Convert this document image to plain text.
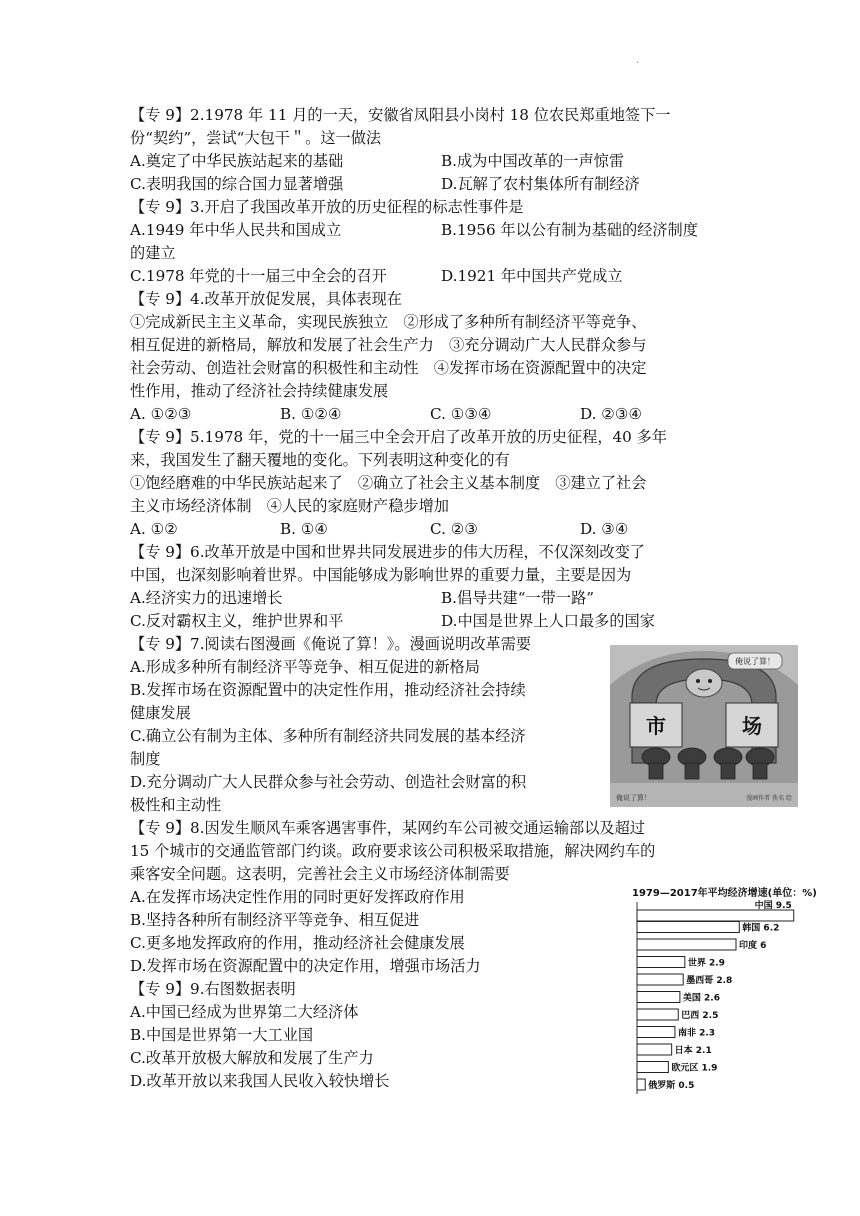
·
【专 9】2.1978 年 11 月的一天，安徽省凤阳县小岗村 18 位农民郑重地签下一
份“契约”，尝试“大包干＂。这一做法
A.奠定了中华民族站起来的基础	B.成为中国改革的一声惊雷
C.表明我国的综合国力显著增强	D.瓦解了农村集体所有制经济
【专 9】3.开启了我国改革开放的历史征程的标志性事件是
A.1949 年中华人民共和国成立	B.1956 年以公有制为基础的经济制度
的建立
C.1978 年党的十一届三中全会的召开	D.1921 年中国共产党成立
【专 9】4.改革开放促发展，具体表现在
①完成新民主主义革命，实现民族独立　②形成了多种所有制经济平等竞争、
相互促进的新格局，解放和发展了社会生产力　③充分调动广大人民群众参与
社会劳动、创造社会财富的积极性和主动性　④发挥市场在资源配置中的决定
性作用，推动了经济社会持续健康发展
A. ①②③	B. ①②④	C. ①③④	D. ②③④
【专 9】5.1978 年，党的十一届三中全会开启了改革开放的历史征程，40 多年
来，我国发生了翻天覆地的变化。下列表明这种变化的有
①饱经磨难的中华民族站起来了　②确立了社会主义基本制度　③建立了社会
主义市场经济体制　④人民的家庭财产稳步增加
A. ①②	B. ①④	C. ②③	D. ③④
【专 9】6.改革开放是中国和世界共同发展进步的伟大历程，不仅深刻改变了
中国，也深刻影响着世界。中国能够成为影响世界的重要力量，主要是因为
A.经济实力的迅速增长	B.倡导共建“一带一路”
C.反对霸权主义，维护世界和平	D.中国是世界上人口最多的国家
【专 9】7.阅读右图漫画《俺说了算！》。漫画说明改革需要
A.形成多种所有制经济平等竞争、相互促进的新格局
B.发挥市场在资源配置中的决定性作用，推动经济社会持续
健康发展
C.确立公有制为主体、多种所有制经济共同发展的基本经济
制度
D.充分调动广大人民群众参与社会劳动、创造社会财富的积
极性和主动性
【专 9】8.因发生顺风车乘客遇害事件，某网约车公司被交通运输部以及超过
15 个城市的交通监管部门约谈。政府要求该公司积极采取措施，解决网约车的
乘客安全问题。这表明，完善社会主义市场经济体制需要
A.在发挥市场决定性作用的同时更好发挥政府作用
B.坚持各种所有制经济平等竞争、相互促进
C.更多地发挥政府的作用，推动经济社会健康发展
D.发挥市场在资源配置中的决定作用，增强市场活力
【专 9】9.右图数据表明
A.中国已经成为世界第二大经济体
B.中国是世界第一大工业国
C.改革开放极大解放和发展了生产力
D.改革开放以来我国人民收入较快增长
俺说了算！
市	场
俺说了算！	漫画作者 佚名 绘
1979—2017年平均经济增速(单位：%)
中国 9.5
韩国 6.2
印度 6
世界 2.9
墨西哥 2.8
美国 2.6
巴西 2.5
南非 2.3
日本 2.1
欧元区 1.9
俄罗斯 0.5
